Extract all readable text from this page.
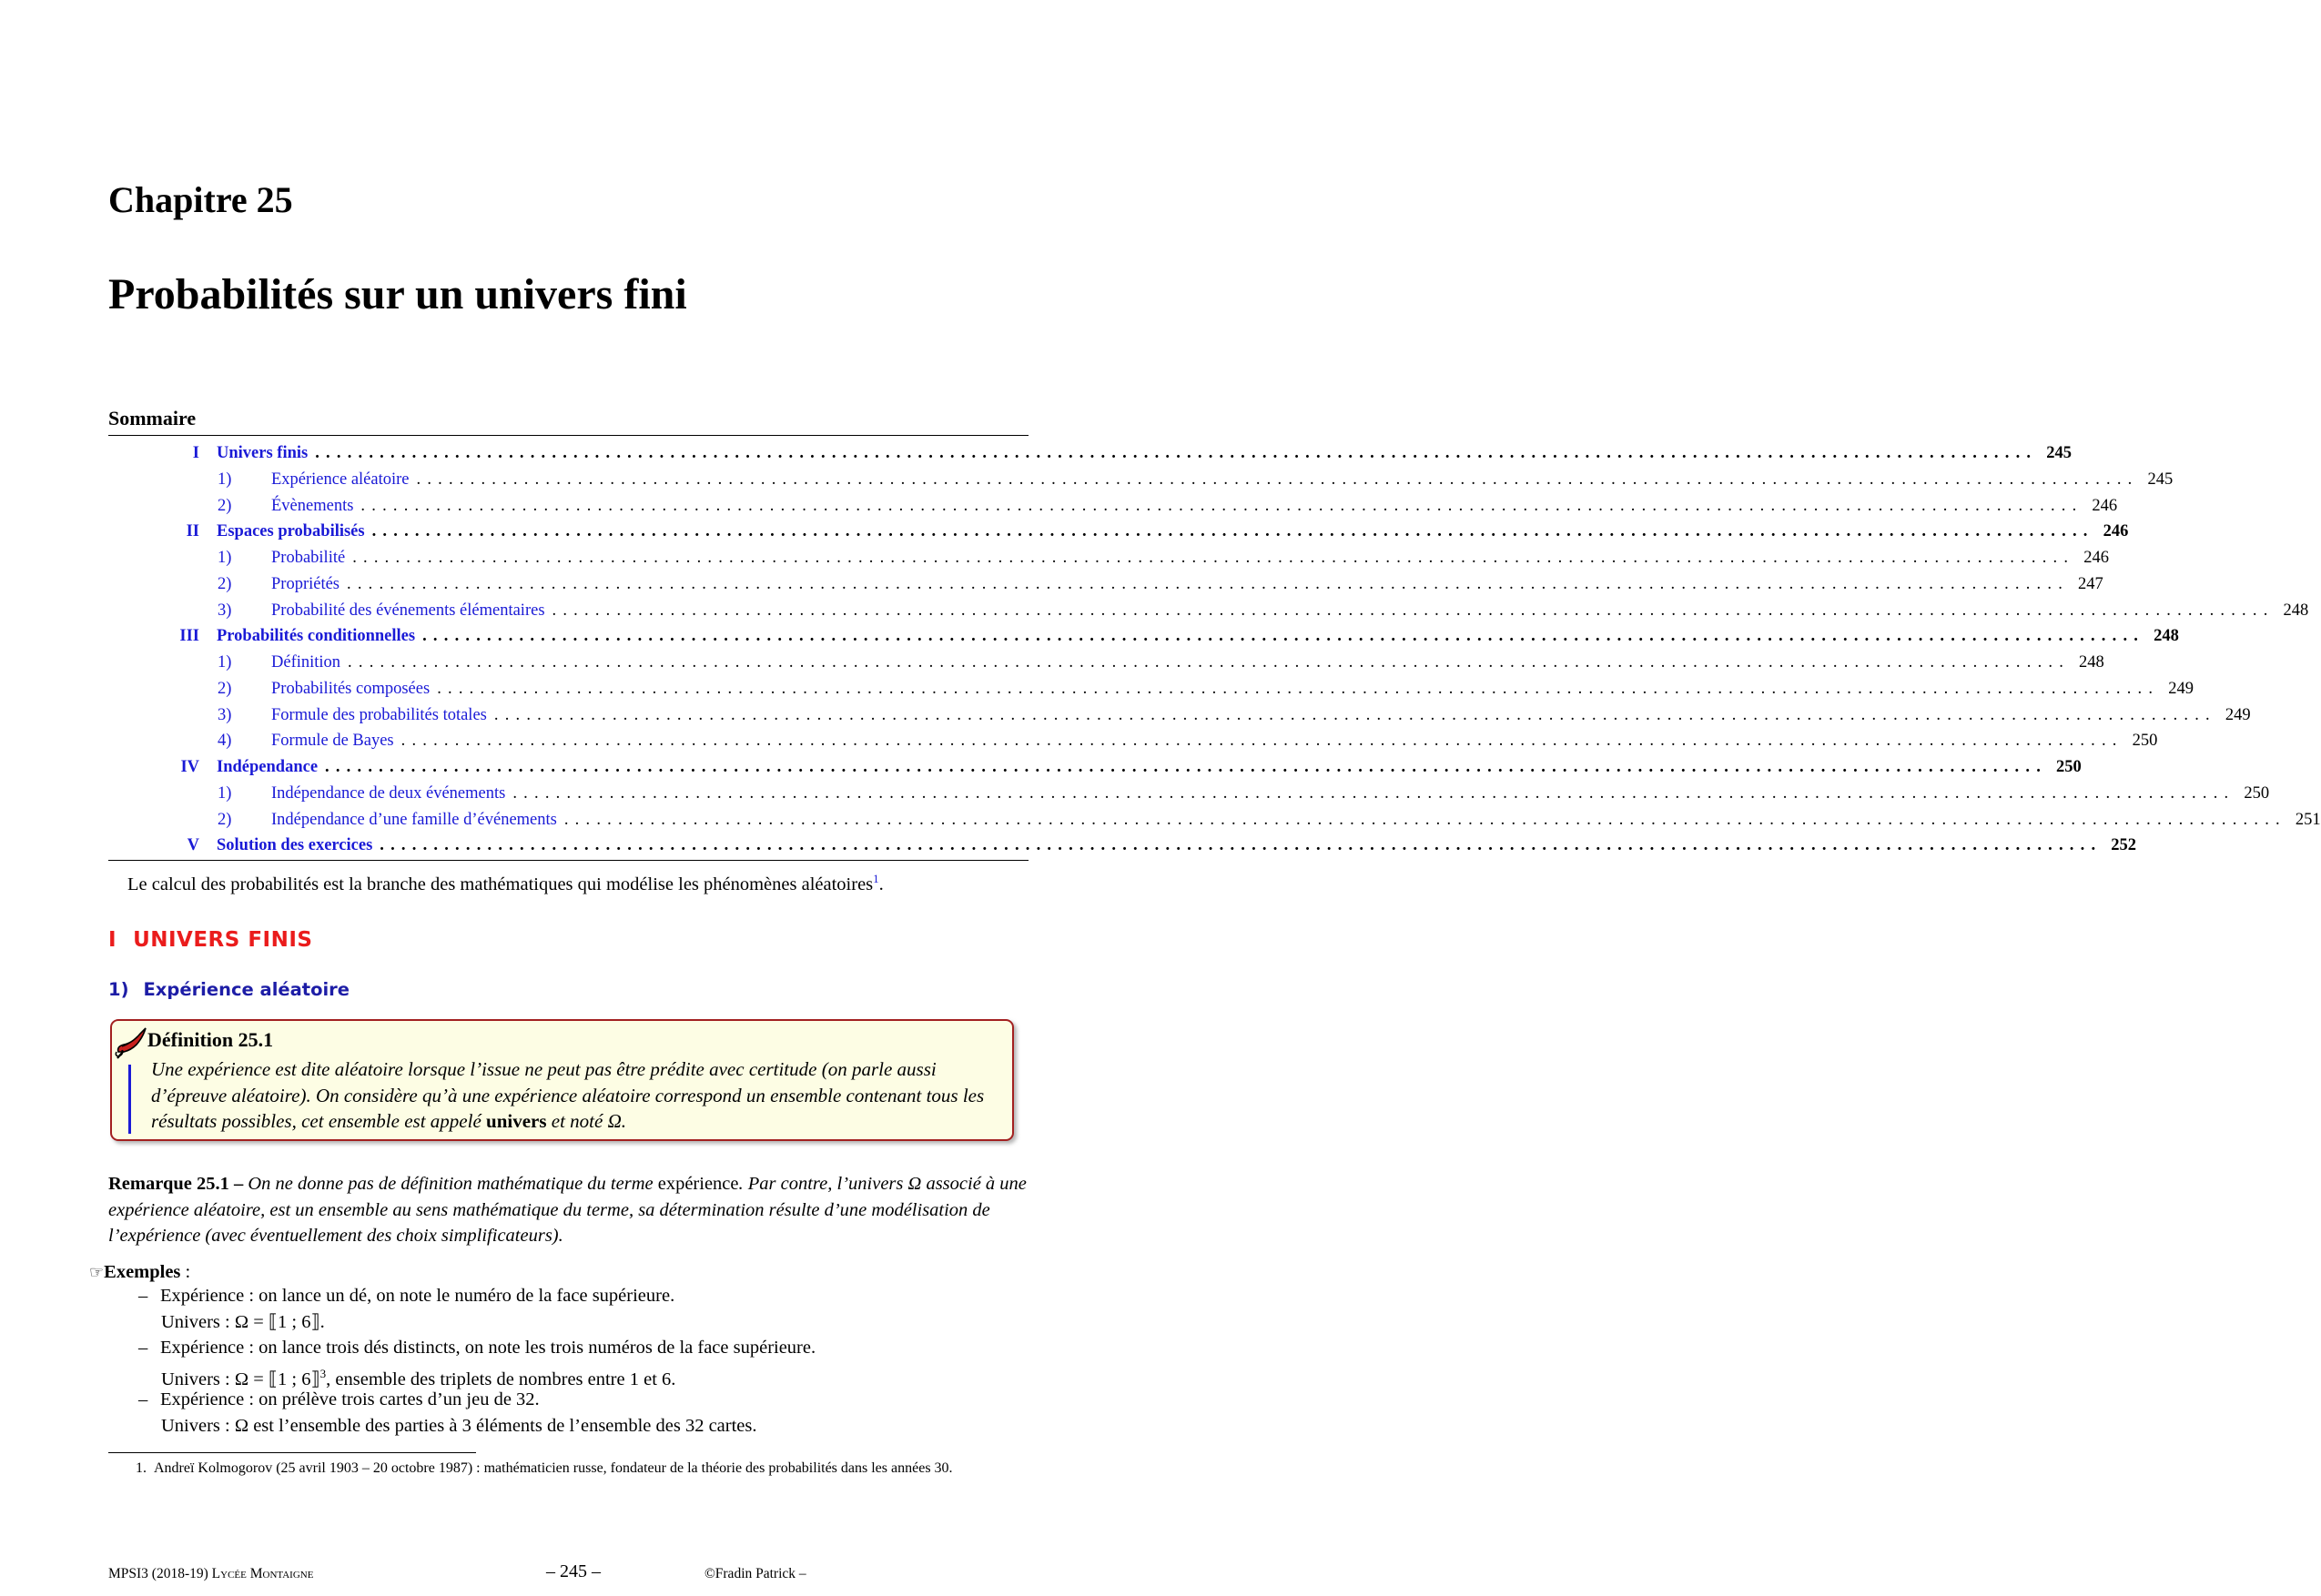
Chapitre 25
Probabilités sur un univers fini
Sommaire
I Univers finis ................................................................................................................................................................ 245
1) Expérience aléatoire ................................................................................................................................................................ 245
2) Évènements ................................................................................................................................................................ 246
II Espaces probabilisés ................................................................................................................................................................ 246
1) Probabilité ................................................................................................................................................................ 246
2) Propriétés ................................................................................................................................................................ 247
3) Probabilité des événements élémentaires ................................................................................................................................................................ 248
III Probabilités conditionnelles ................................................................................................................................................................ 248
1) Définition ................................................................................................................................................................ 248
2) Probabilités composées ................................................................................................................................................................ 249
3) Formule des probabilités totales ................................................................................................................................................................ 249
4) Formule de Bayes ................................................................................................................................................................ 250
IV Indépendance ................................................................................................................................................................ 250
1) Indépendance de deux événements ................................................................................................................................................................ 250
2) Indépendance d’une famille d’événements ................................................................................................................................................................ 251
V Solution des exercices ................................................................................................................................................................ 252
Le calcul des probabilités est la branche des mathématiques qui modélise les phénomènes aléatoires$^1$.
I UNIVERS FINIS
1) Expérience aléatoire
Définition 25.1
Une expérience est dite aléatoire lorsque l’issue ne peut pas être prédite avec certitude (on parle aussi d’épreuve aléatoire). On considère qu’à une expérience aléatoire correspond un ensemble contenant tous les résultats possibles, cet ensemble est appelé univers et noté Ω.
Remarque 25.1 – On ne donne pas de définition mathématique du terme expérience. Par contre, l’univers Ω associé à une expérience aléatoire, est un ensemble au sens mathématique du terme, sa détermination résulte d’une modélisation de l’expérience (avec éventuellement des choix simplificateurs).
☞Exemples :
– Expérience : on lance un dé, on note le numéro de la face supérieure.
Univers : Ω = ⟦1 ; 6⟧.
– Expérience : on lance trois dés distincts, on note les trois numéros de la face supérieure.
Univers : Ω = ⟦1 ; 6⟧$^3$, ensemble des triplets de nombres entre 1 et 6.
– Expérience : on prélève trois cartes d’un jeu de 32.
Univers : Ω est l’ensemble des parties à 3 éléments de l’ensemble des 32 cartes.
1. Andreï Kolmogorov (25 avril 1903 – 20 octobre 1987) : mathématicien russe, fondateur de la théorie des probabilités dans les années 30.
MPSI3 (2018-19) Lycée Montaigne	– 245 –	©Fradin Patrick –
